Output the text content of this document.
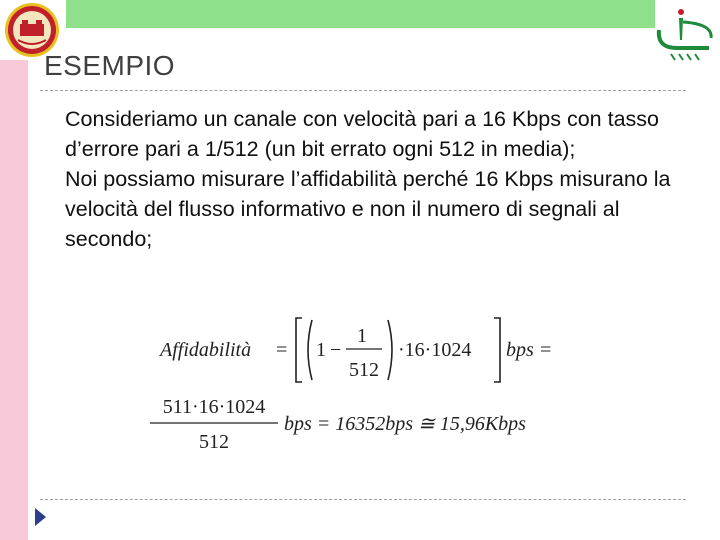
ESEMPIO
Consideriamo un canale con velocità pari a 16 Kbps con tasso d’errore pari a 1/512 (un bit errato ogni 512 in media);
Noi possiamo misurare l’affidabilità perché 16 Kbps misurano la velocità del flusso informativo e non il numero di segnali al secondo;
Affidabilità = 1 −
1
512
·16·1024 bps =
511·16·1024
512
bps = 16352bps ≅ 15,96Kbps
